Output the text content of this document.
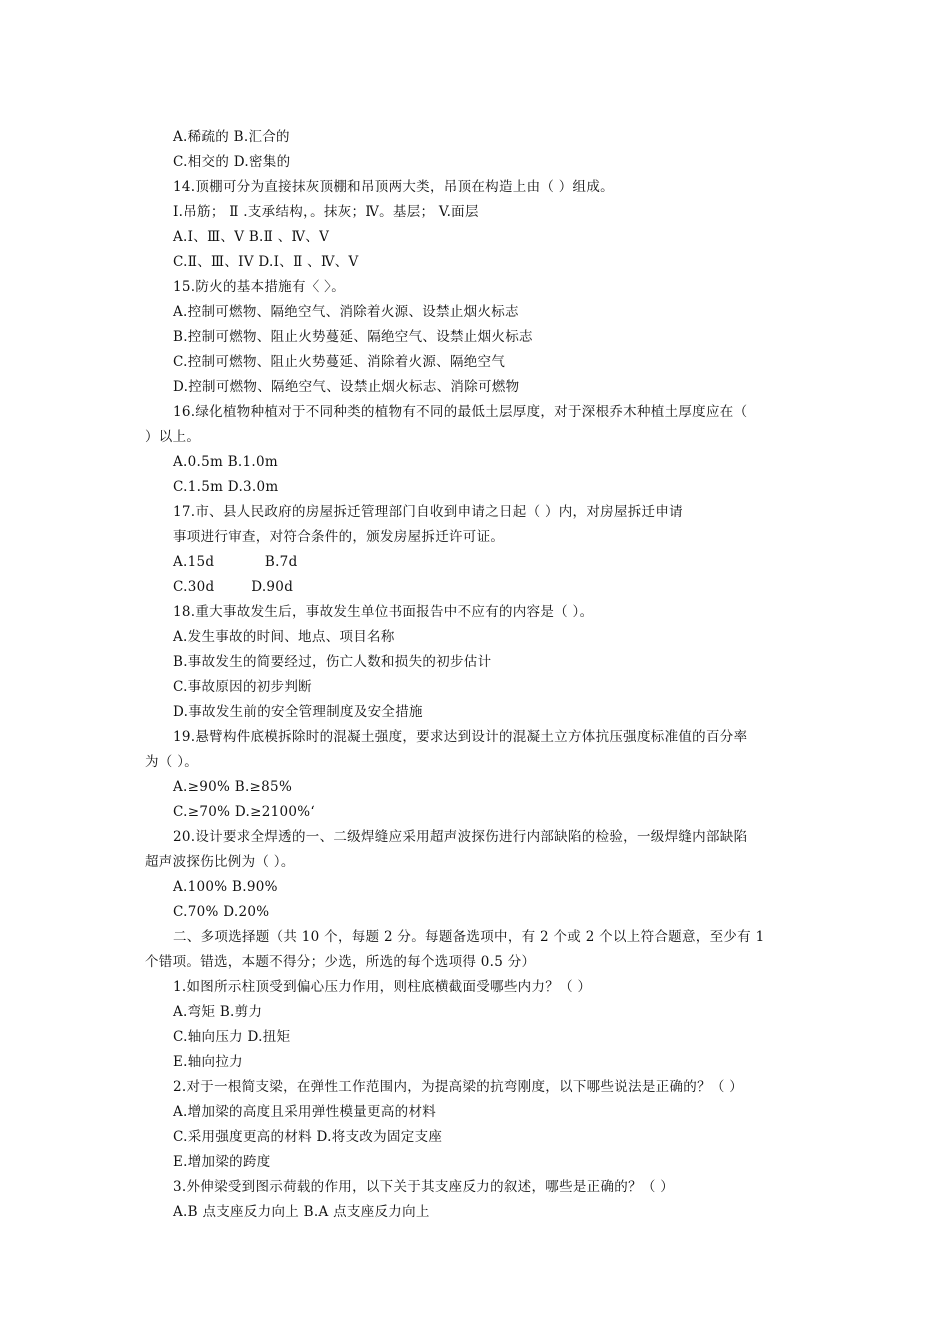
A.稀疏的 B.汇合的
C.相交的 D.密集的
14.顶棚可分为直接抹灰顶棚和吊顶两大类，吊顶在构造上由（ ）组成。
I.吊筋； Ⅱ .支承结构，。抹灰；Ⅳ。基层； V.面层
A.Ⅰ、Ⅲ、V B.Ⅱ 、Ⅳ、V
C.Ⅱ、Ⅲ、IV D.I、Ⅱ 、Ⅳ、V
15.防火的基本措施有〈 〉。
A.控制可燃物、隔绝空气、消除着火源、设禁止烟火标志
B.控制可燃物、阻止火势蔓延、隔绝空气、设禁止烟火标志
C.控制可燃物、阻止火势蔓延、消除着火源、隔绝空气
D.控制可燃物、隔绝空气、设禁止烟火标志、消除可燃物
16.绿化植物种植对于不同种类的植物有不同的最低土层厚度，对于深根乔木种植土厚度应在（
）以上。
A.0.5m B.1.0m
C.1.5m D.3.0m
17.市、县人民政府的房屋拆迁管理部门自收到申请之日起（ ）内，对房屋拆迁申请
事项进行审查，对符合条件的，颁发房屋拆迁许可证。
A.15d           B.7d
C.30d        D.90d
18.重大事故发生后，事故发生单位书面报告中不应有的内容是（ ）。
A.发生事故的时间、地点、项目名称
B.事故发生的简要经过，伤亡人数和损失的初步估计
C.事故原因的初步判断
D.事故发生前的安全管理制度及安全措施
19.悬臂构件底模拆除时的混凝土强度，要求达到设计的混凝土立方体抗压强度标准值的百分率
为（ ）。
A.≥90% B.≥85%
C.≥70% D.≥2100%‘
20.设计要求全焊透的一、二级焊缝应采用超声波探伤进行内部缺陷的检验，一级焊缝内部缺陷
超声波探伤比例为（ ）。
A.100% B.90%
C.70% D.20%
二、多项选择题（共 10 个，每题 2 分。每题备选项中，有 2 个或 2 个以上符合题意，至少有 1
个错项。错选，本题不得分；少选，所选的每个选项得 0.5 分）
1.如图所示柱顶受到偏心压力作用，则柱底横截面受哪些内力？（ ）
A.弯矩 B.剪力
C.轴向压力 D.扭矩
E.轴向拉力
2.对于一根简支梁，在弹性工作范围内，为提高梁的抗弯刚度，以下哪些说法是正确的？（ ）
A.增加梁的高度且采用弹性模量更高的材料
C.采用强度更高的材料 D.将支改为固定支座
E.增加梁的跨度
3.外伸梁受到图示荷载的作用，以下关于其支座反力的叙述，哪些是正确的？（ ）
A.B 点支座反力向上 B.A 点支座反力向上
